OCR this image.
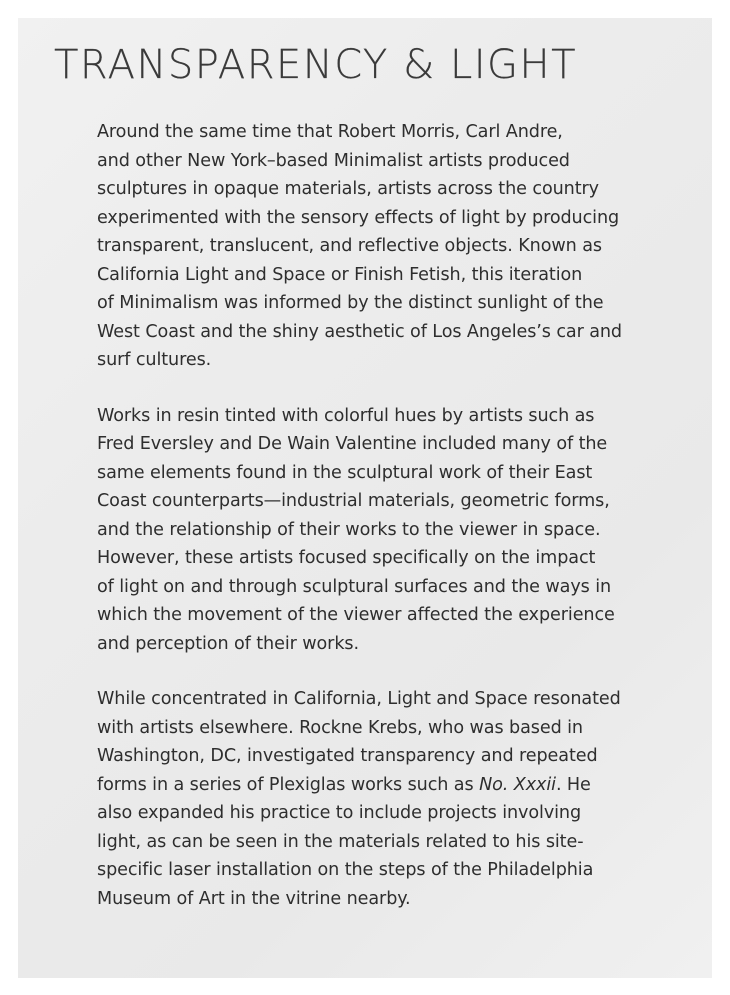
TRANSPARENCY & LIGHT

Around the same time that Robert Morris, Carl Andre,
and other New York–based Minimalist artists produced
sculptures in opaque materials, artists across the country
experimented with the sensory effects of light by producing
transparent, translucent, and reflective objects. Known as
California Light and Space or Finish Fetish, this iteration
of Minimalism was informed by the distinct sunlight of the
West Coast and the shiny aesthetic of Los Angeles’s car and
surf cultures.

Works in resin tinted with colorful hues by artists such as
Fred Eversley and De Wain Valentine included many of the
same elements found in the sculptural work of their East
Coast counterparts—industrial materials, geometric forms,
and the relationship of their works to the viewer in space.
However, these artists focused specifically on the impact
of light on and through sculptural surfaces and the ways in
which the movement of the viewer affected the experience
and perception of their works.

While concentrated in California, Light and Space resonated
with artists elsewhere. Rockne Krebs, who was based in
Washington, DC, investigated transparency and repeated
forms in a series of Plexiglas works such as No. Xxxii. He
also expanded his practice to include projects involving
light, as can be seen in the materials related to his site-
specific laser installation on the steps of the Philadelphia
Museum of Art in the vitrine nearby.
